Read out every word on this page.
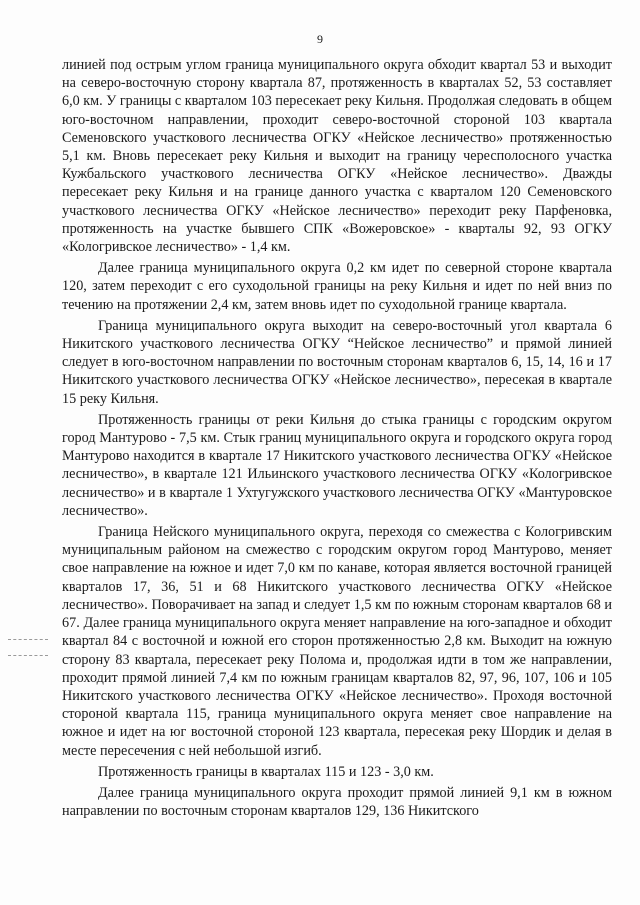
9

линией под острым углом граница муниципального округа обходит квартал 53 и выходит на северо-восточную сторону квартала 87, протяженность в кварталах 52, 53 составляет 6,0 км. У границы с кварталом 103 пересекает реку Кильня. Продолжая следовать в общем юго-восточном направлении, проходит северо-восточной стороной 103 квартала Семеновского участкового лесничества ОГКУ «Нейское лесничество» протяженностью 5,1 км. Вновь пересекает реку Кильня и выходит на границу чересполосного участка Кужбальского участкового лесничества ОГКУ «Нейское лесничество». Дважды пересекает реку Кильня и на границе данного участка с кварталом 120 Семеновского участкового лесничества ОГКУ «Нейское лесничество» переходит реку Парфеновка, протяженность на участке бывшего СПК «Вожеровское» - кварталы 92, 93 ОГКУ «Кологривское лесничество» - 1,4 км.

Далее граница муниципального округа 0,2 км идет по северной стороне квартала 120, затем переходит с его суходольной границы на реку Кильня и идет по ней вниз по течению на протяжении 2,4 км, затем вновь идет по суходольной границе квартала.

Граница муниципального округа выходит на северо-восточный угол квартала 6 Никитского участкового лесничества ОГКУ “Нейское лесничество” и прямой линией следует в юго-восточном направлении по восточным сторонам кварталов 6, 15, 14, 16 и 17 Никитского участкового лесничества ОГКУ «Нейское лесничество», пересекая в квартале 15 реку Кильня.

Протяженность границы от реки Кильня до стыка границы с городским округом город Мантурово - 7,5 км. Стык границ муниципального округа и городского округа город Мантурово находится в квартале 17 Никитского участкового лесничества ОГКУ «Нейское лесничество», в квартале 121 Ильинского участкового лесничества ОГКУ «Кологривское лесничество» и в квартале 1 Ухтугужского участкового лесничества ОГКУ «Мантуровское лесничество».

Граница Нейского муниципального округа, переходя со смежества с Кологривским муниципальным районом на смежество с городским округом город Мантурово, меняет свое направление на южное и идет 7,0 км по канаве, которая является восточной границей кварталов 17, 36, 51 и 68 Никитского участкового лесничества ОГКУ «Нейское лесничество». Поворачивает на запад и следует 1,5 км по южным сторонам кварталов 68 и 67. Далее граница муниципального округа меняет направление на юго-западное и обходит квартал 84 с восточной и южной его сторон протяженностью 2,8 км. Выходит на южную сторону 83 квартала, пересекает реку Полома и, продолжая идти в том же направлении, проходит прямой линией 7,4 км по южным границам кварталов 82, 97, 96, 107, 106 и 105 Никитского участкового лесничества ОГКУ «Нейское лесничество». Проходя восточной стороной квартала 115, граница муниципального округа меняет свое направление на южное и идет на юг восточной стороной 123 квартала, пересекая реку Шордик и делая в месте пересечения с ней небольшой изгиб.

Протяженность границы в кварталах 115 и 123 - 3,0 км.

Далее граница муниципального округа проходит прямой линией 9,1 км в южном направлении по восточным сторонам кварталов 129, 136 Никитского
